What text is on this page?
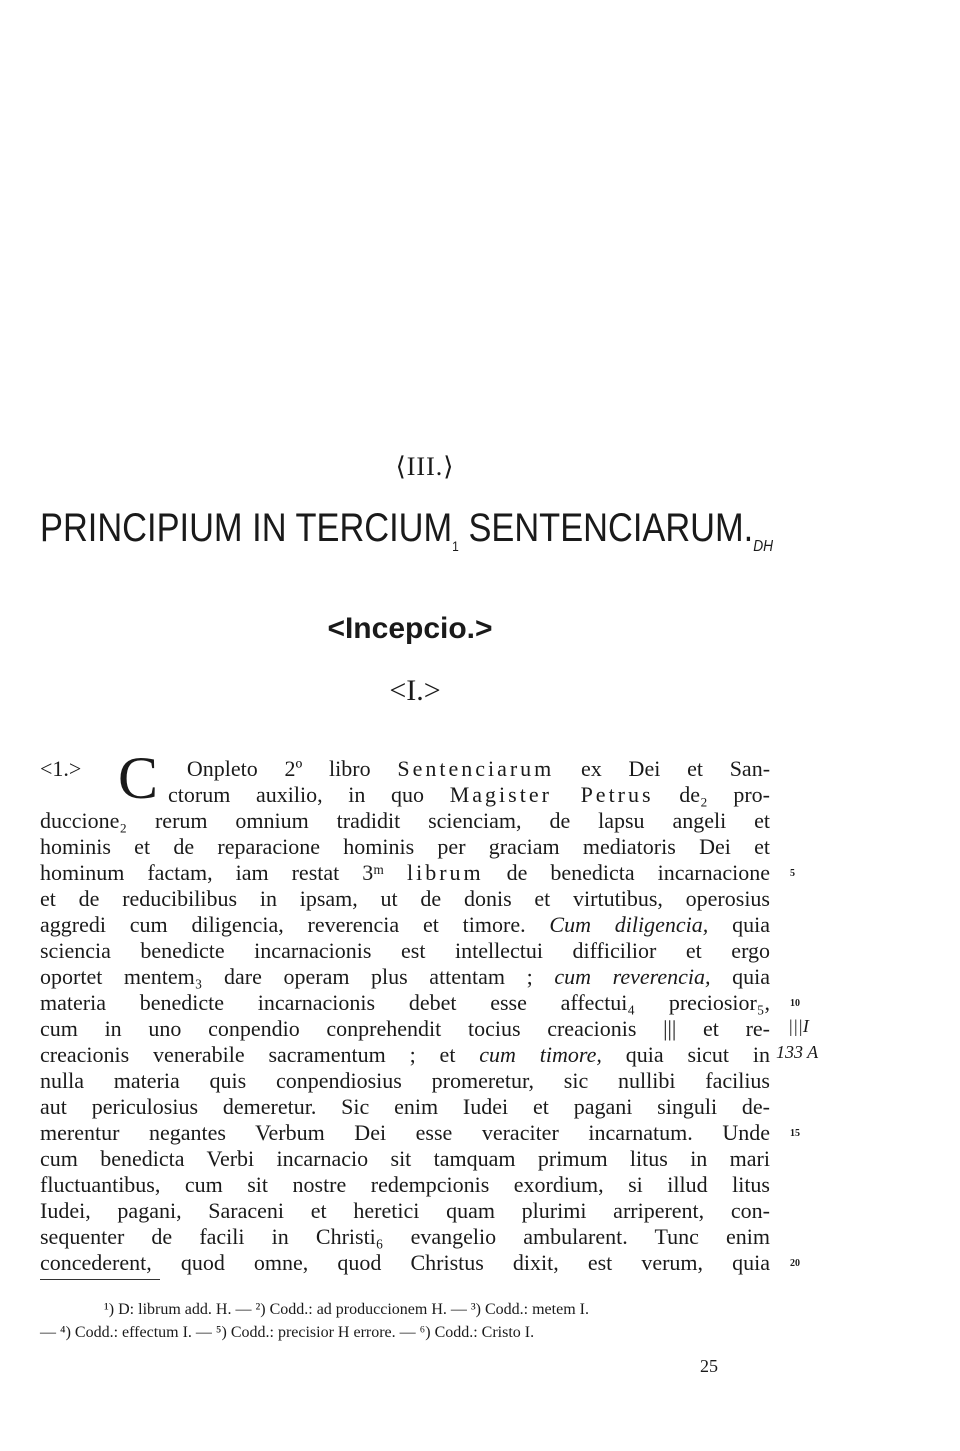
⟨III.⟩
PRINCIPIUM IN $TERCIUM_1$ $SENTENCIARUM._{DH}$
<Incepcio.>
<I.>
C
<1.>	Onpleto 2º libro Sentenciarum ex Dei et San-
ctorum auxilio, in quo Magister Petrus de₂ pro-
duccione₂ rerum omnium tradidit scienciam, de lapsu angeli et
hominis et de reparacione hominis per graciam mediatoris Dei et
hominum factam, iam restat 3ᵐ librum de benedicta incarnacione
et de reducibilibus in ipsam, ut de donis et virtutibus, operosius
aggredi cum diligencia, reverencia et timore. Cum diligencia, quia
sciencia benedicte incarnacionis est intellectui difficilior et ergo
oportet mentem₃ dare operam plus attentam ; cum reverencia, quia
materia benedicte incarnacionis debet esse affectui₄ preciosior₅,
cum in uno conpendio conprehendit tocius creacionis ||| et re-
creacionis venerabile sacramentum ; et cum timore, quia sicut in
nulla materia quis conpendiosius promeretur, sic nullibi facilius
aut periculosius demeretur. Sic enim Iudei et pagani singuli de-
merentur negantes Verbum Dei esse veraciter incarnatum. Unde
cum benedicta Verbi incarnacio sit tamquam primum litus in mari
fluctuantibus, cum sit nostre redempcionis exordium, si illud litus
Iudei, pagani, Saraceni et heretici quam plurimi arriperent, con-
sequenter de facili in Christi₆ evangelio ambularent. Tunc enim
concederent, quod omne, quod Christus dixit, est verum, quia
5
10
15
20
|||I
133 A
¹) D: librum add. H. — ²) Codd.: ad produccionem H. — ³) Codd.: metem I.
— ⁴) Codd.: effectum I. — ⁵) Codd.: precisior H errore. — ⁶) Codd.: Cristo I.
25
